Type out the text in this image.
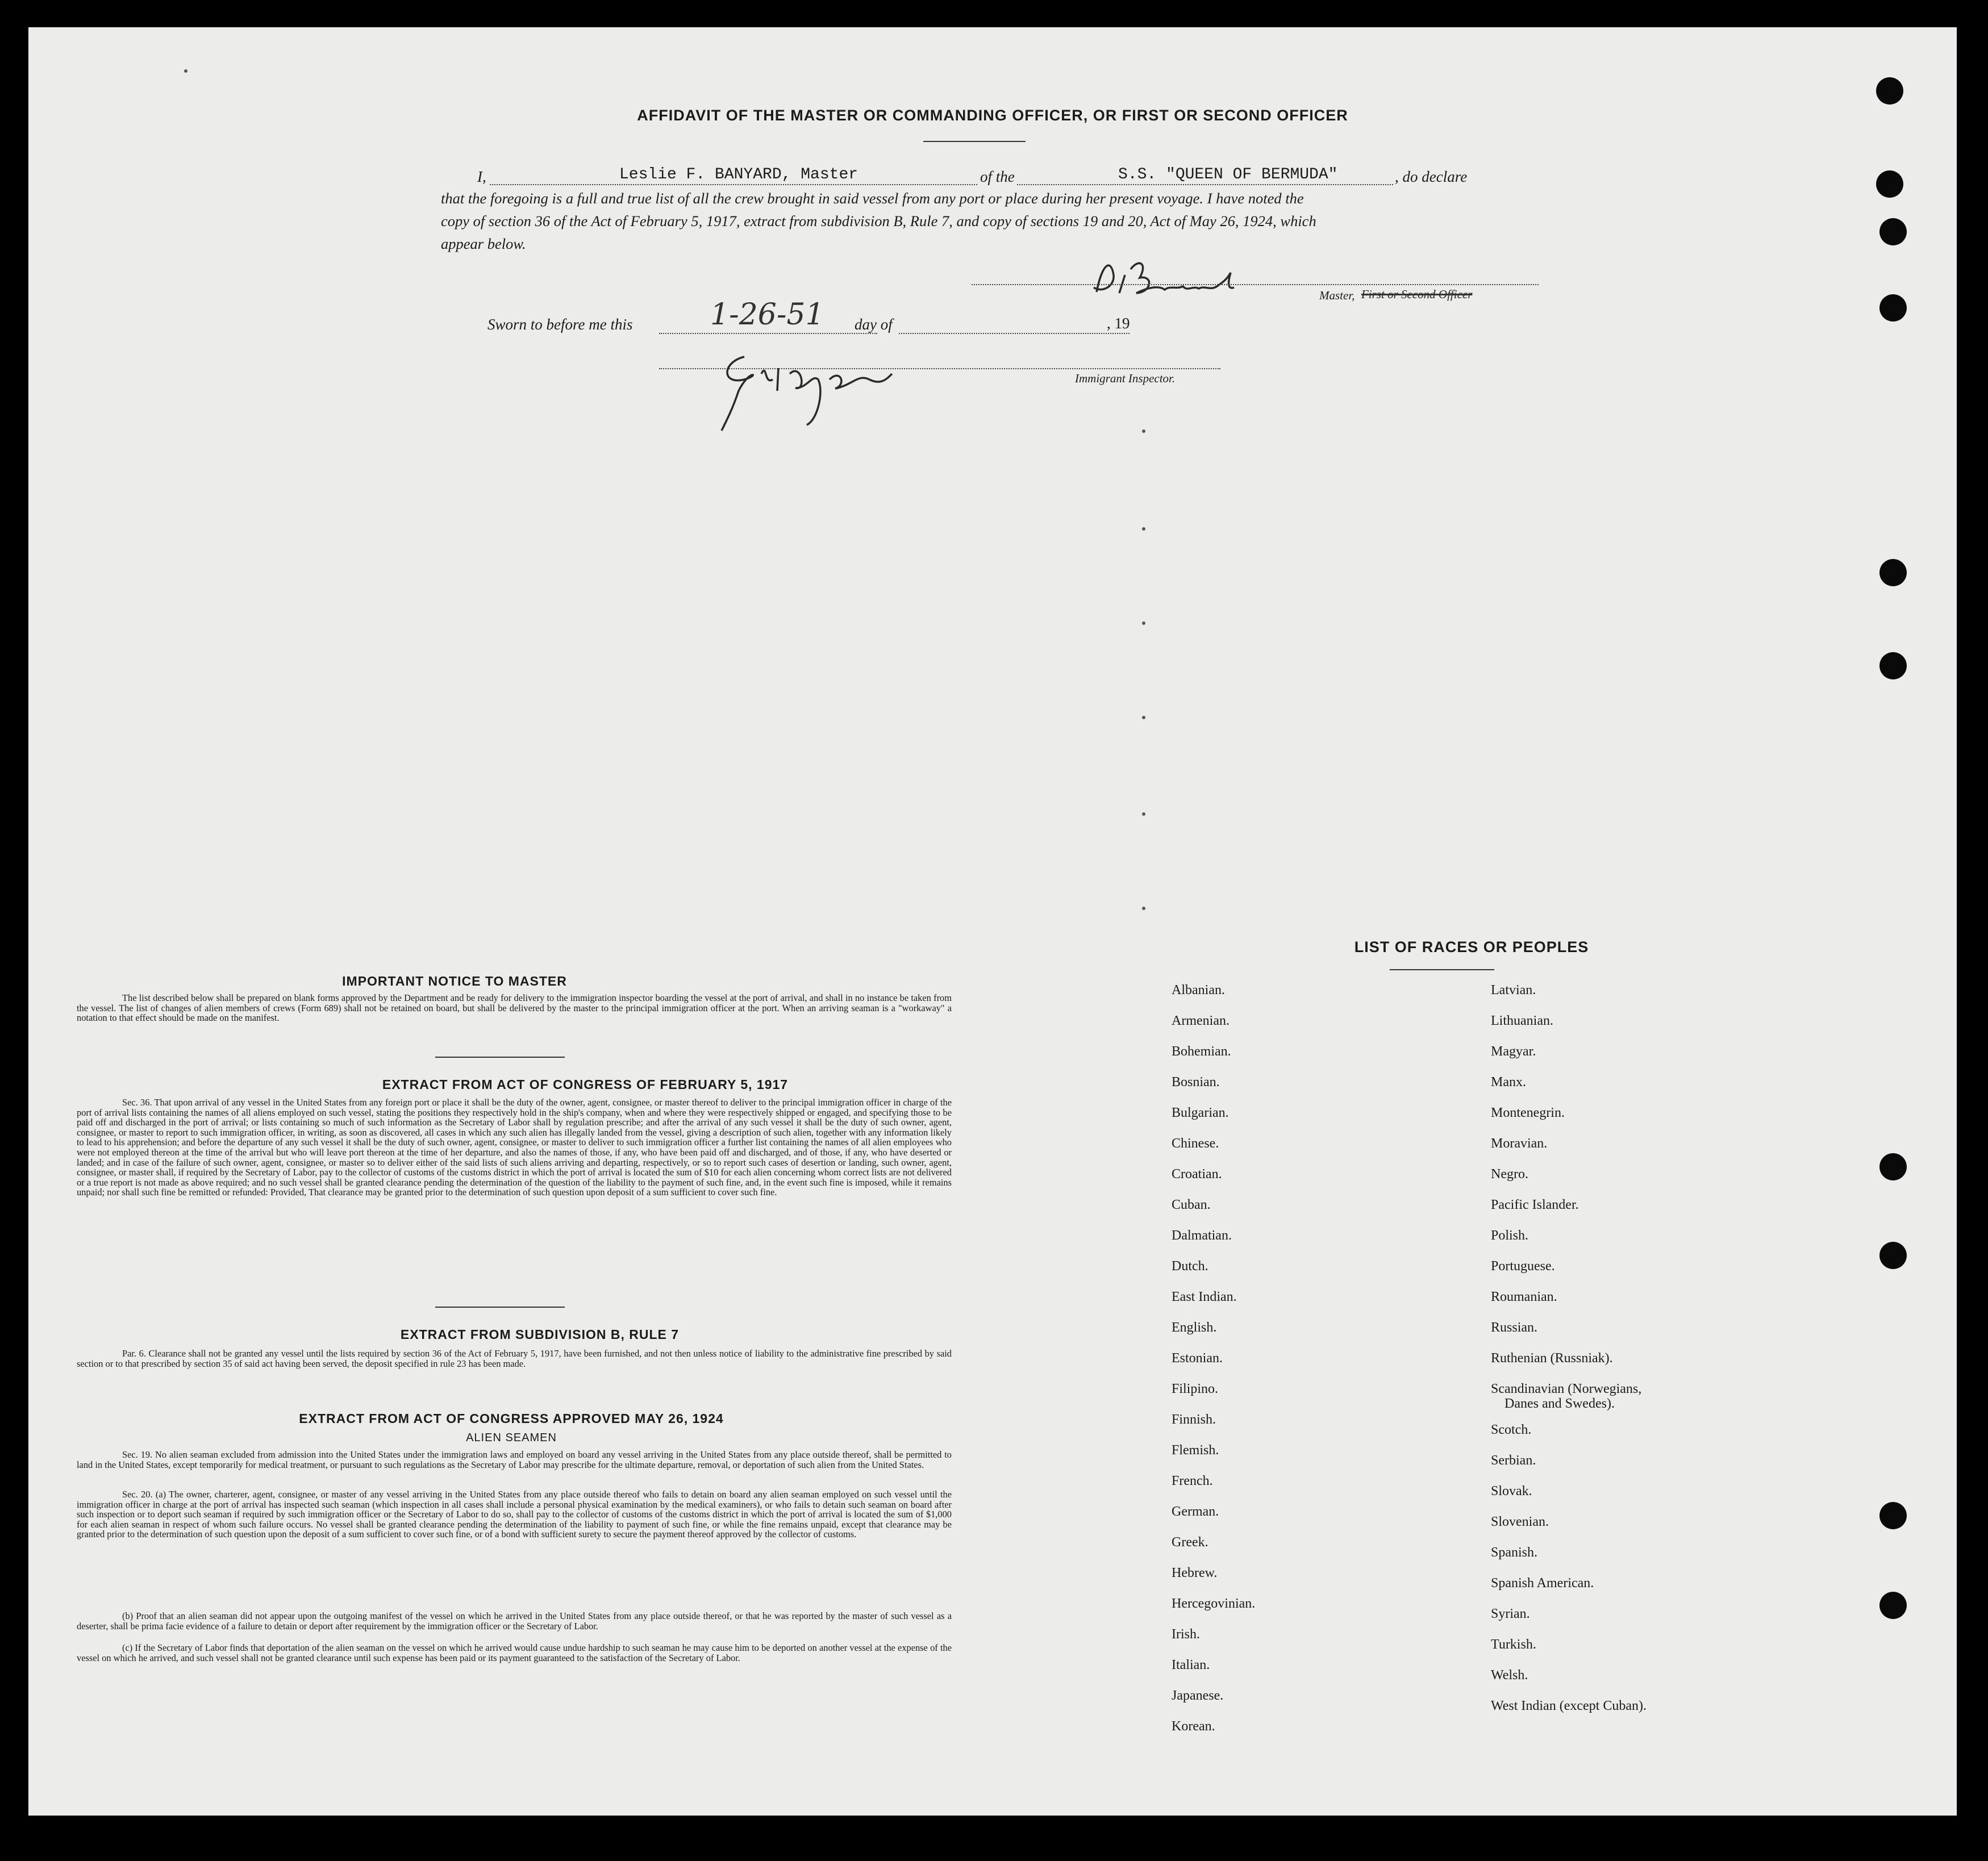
AFFIDAVIT OF THE MASTER OR COMMANDING OFFICER, OR FIRST OR SECOND OFFICER
I,	Leslie F. BANYARD, Master	of the	S.S. "QUEEN OF BERMUDA"	, do declare
that the foregoing is a full and true list of all the crew brought in said vessel from any port or place during her present voyage. I have noted the
copy of section 36 of the Act of February 5, 1917, extract from subdivision B, Rule 7, and copy of sections 19 and 20, Act of May 26, 1924, which
appear below.
Master, First or Second Officer
Sworn to before me this	1-26-51 day of	, 19
Immigrant Inspector.
IMPORTANT NOTICE TO MASTER

The list described below shall be prepared on blank forms approved by the Department and be ready for delivery to the immigration inspector boarding the vessel at the port of arrival, and shall in no instance be taken from the vessel. The list of changes of alien members of crews (Form 689) shall not be retained on board, but shall be delivered by the master to the principal immigration officer at the port. When an arriving seaman is a "workaway" a notation to that effect should be made on the manifest.

EXTRACT FROM ACT OF CONGRESS OF FEBRUARY 5, 1917

Sec. 36. That upon arrival of any vessel in the United States from any foreign port or place it shall be the duty of the owner, agent, consignee, or master thereof to deliver to the principal immigration officer in charge of the port of arrival lists containing the names of all aliens employed on such vessel, stating the positions they respectively hold in the ship's company, when and where they were respectively shipped or engaged, and specifying those to be paid off and discharged in the port of arrival; or lists containing so much of such information as the Secretary of Labor shall by regulation prescribe; and after the arrival of any such vessel it shall be the duty of such owner, agent, consignee, or master to report to such immigration officer, in writing, as soon as discovered, all cases in which any such alien has illegally landed from the vessel, giving a description of such alien, together with any information likely to lead to his apprehension; and before the departure of any such vessel it shall be the duty of such owner, agent, consignee, or master to deliver to such immigration officer a further list containing the names of all alien employees who were not employed thereon at the time of the arrival but who will leave port thereon at the time of her departure, and also the names of those, if any, who have been paid off and discharged, and of those, if any, who have deserted or landed; and in case of the failure of such owner, agent, consignee, or master so to deliver either of the said lists of such aliens arriving and departing, respectively, or so to report such cases of desertion or landing, such owner, agent, consignee, or master shall, if required by the Secretary of Labor, pay to the collector of customs of the customs district in which the port of arrival is located the sum of $10 for each alien concerning whom correct lists are not delivered or a true report is not made as above required; and no such vessel shall be granted clearance pending the determination of the question of the liability to the payment of such fine, and, in the event such fine is imposed, while it remains unpaid; nor shall such fine be remitted or refunded: Provided, That clearance may be granted prior to the determination of such question upon deposit of a sum sufficient to cover such fine.

EXTRACT FROM SUBDIVISION B, RULE 7

Par. 6. Clearance shall not be granted any vessel until the lists required by section 36 of the Act of February 5, 1917, have been furnished, and not then unless notice of liability to the administrative fine prescribed by said section or to that prescribed by section 35 of said act having been served, the deposit specified in rule 23 has been made.

EXTRACT FROM ACT OF CONGRESS APPROVED MAY 26, 1924
ALIEN SEAMEN

Sec. 19. No alien seaman excluded from admission into the United States under the immigration laws and employed on board any vessel arriving in the United States from any place outside thereof, shall be permitted to land in the United States, except temporarily for medical treatment, or pursuant to such regulations as the Secretary of Labor may prescribe for the ultimate departure, removal, or deportation of such alien from the United States.

Sec. 20. (a) The owner, charterer, agent, consignee, or master of any vessel arriving in the United States from any place outside thereof who fails to detain on board any alien seaman employed on such vessel until the immigration officer in charge at the port of arrival has inspected such seaman (which inspection in all cases shall include a personal physical examination by the medical examiners), or who fails to detain such seaman on board after such inspection or to deport such seaman if required by such immigration officer or the Secretary of Labor to do so, shall pay to the collector of customs of the customs district in which the port of arrival is located the sum of $1,000 for each alien seaman in respect of whom such failure occurs. No vessel shall be granted clearance pending the determination of the liability to payment of such fine, or while the fine remains unpaid, except that clearance may be granted prior to the determination of such question upon the deposit of a sum sufficient to cover such fine, or of a bond with sufficient surety to secure the payment thereof approved by the collector of customs.

(b) Proof that an alien seaman did not appear upon the outgoing manifest of the vessel on which he arrived in the United States from any place outside thereof, or that he was reported by the master of such vessel as a deserter, shall be prima facie evidence of a failure to detain or deport after requirement by the immigration officer or the Secretary of Labor.

(c) If the Secretary of Labor finds that deportation of the alien seaman on the vessel on which he arrived would cause undue hardship to such seaman he may cause him to be deported on another vessel at the expense of the vessel on which he arrived, and such vessel shall not be granted clearance until such expense has been paid or its payment guaranteed to the satisfaction of the Secretary of Labor.

LIST OF RACES OR PEOPLES
Albanian.
Armenian.
Bohemian.
Bosnian.
Bulgarian.
Chinese.
Croatian.
Cuban.
Dalmatian.
Dutch.
East Indian.
English.
Estonian.
Filipino.
Finnish.
Flemish.
French.
German.
Greek.
Hebrew.
Hercegovinian.
Irish.
Italian.
Japanese.
Korean.
Latvian.
Lithuanian.
Magyar.
Manx.
Montenegrin.
Moravian.
Negro.
Pacific Islander.
Polish.
Portuguese.
Roumanian.
Russian.
Ruthenian (Russniak).
Scandinavian (Norwegians,
Scotch.
Serbian.
Slovak.
Slovenian.
Spanish.
Spanish American.
Syrian.
Turkish.
Welsh.
West Indian (except Cuban).
Danes and Swedes).
